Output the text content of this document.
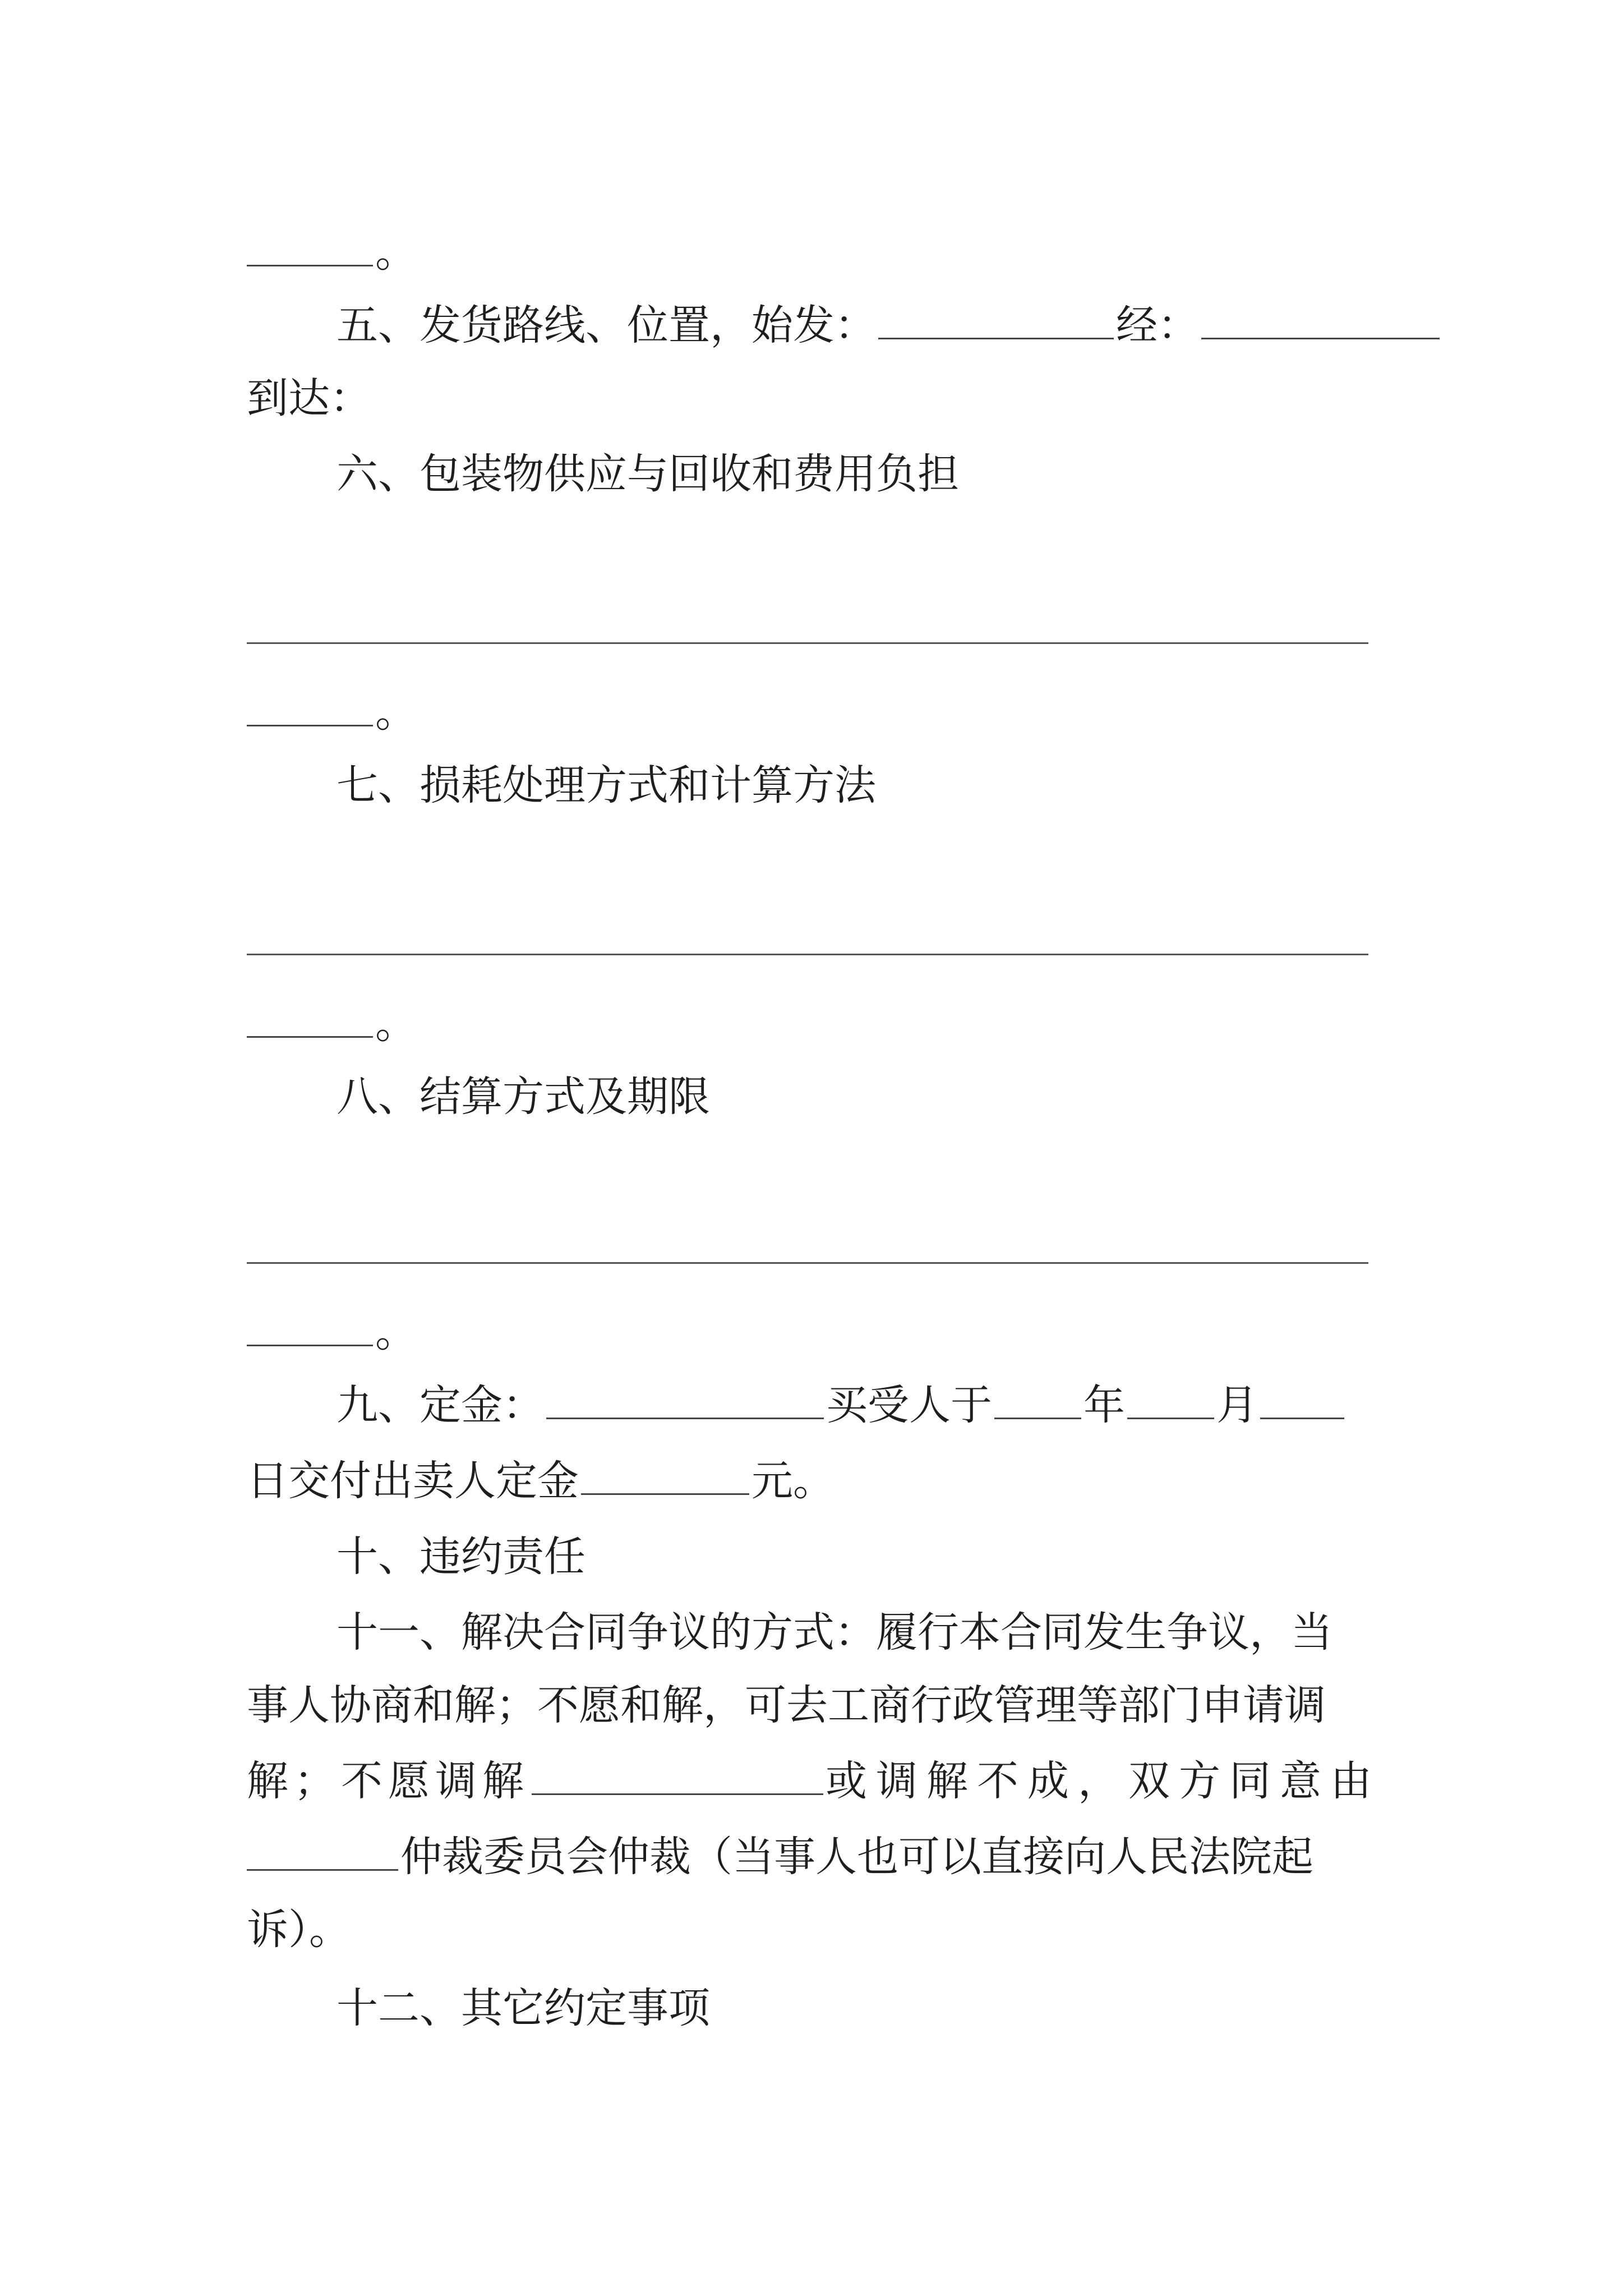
。
五、发货路线、位置，始发：	经：
到达：
六、包装物供应与回收和费用负担
。
七、损耗处理方式和计算方法
。
八、结算方式及期限
。
九、定金：	买受人于 年 月
日交付出卖人定金	元。
十、违约责任
十一、解决合同争议的方式：履行本合同发生争议，当
事人协商和解；不愿和解，可去工商行政管理等部门申请调
解；不愿调解	或调解不成，双方同意由
仲裁委员会仲裁（当事人也可以直接向人民法院起
诉）。
十二、其它约定事项
